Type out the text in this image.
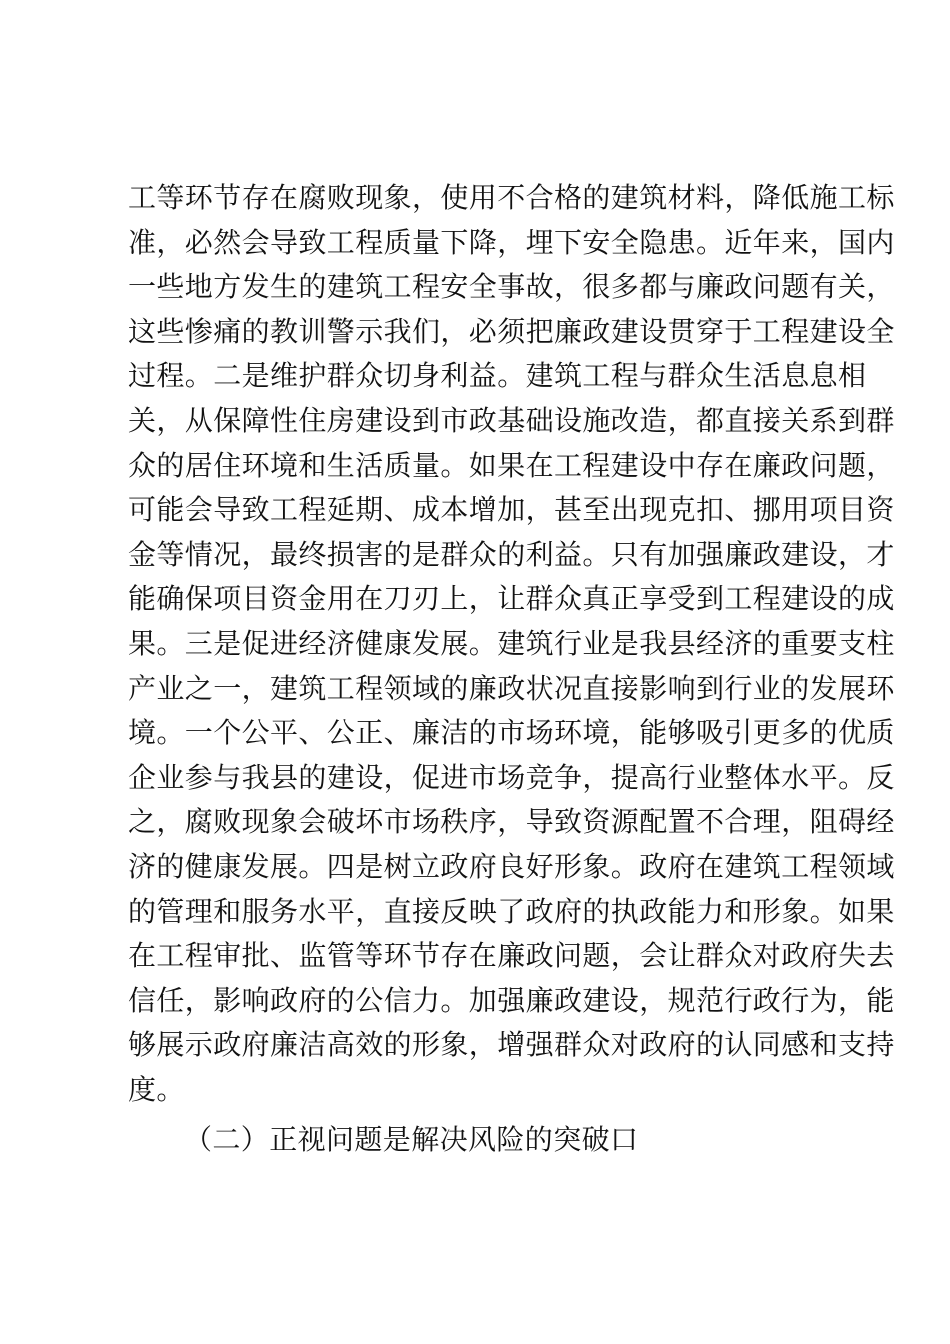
工等环节存在腐败现象，使用不合格的建筑材料，降低施工标
准，必然会导致工程质量下降，埋下安全隐患。近年来，国内
一些地方发生的建筑工程安全事故，很多都与廉政问题有关，
这些惨痛的教训警示我们，必须把廉政建设贯穿于工程建设全
过程。二是维护群众切身利益。建筑工程与群众生活息息相
关，从保障性住房建设到市政基础设施改造，都直接关系到群
众的居住环境和生活质量。如果在工程建设中存在廉政问题，
可能会导致工程延期、成本增加，甚至出现克扣、挪用项目资
金等情况，最终损害的是群众的利益。只有加强廉政建设，才
能确保项目资金用在刀刃上，让群众真正享受到工程建设的成
果。三是促进经济健康发展。建筑行业是我县经济的重要支柱
产业之一，建筑工程领域的廉政状况直接影响到行业的发展环
境。一个公平、公正、廉洁的市场环境，能够吸引更多的优质
企业参与我县的建设，促进市场竞争，提高行业整体水平。反
之，腐败现象会破坏市场秩序，导致资源配置不合理，阻碍经
济的健康发展。四是树立政府良好形象。政府在建筑工程领域
的管理和服务水平，直接反映了政府的执政能力和形象。如果
在工程审批、监管等环节存在廉政问题，会让群众对政府失去
信任，影响政府的公信力。加强廉政建设，规范行政行为，能
够展示政府廉洁高效的形象，增强群众对政府的认同感和支持
度。
（二）正视问题是解决风险的突破口
